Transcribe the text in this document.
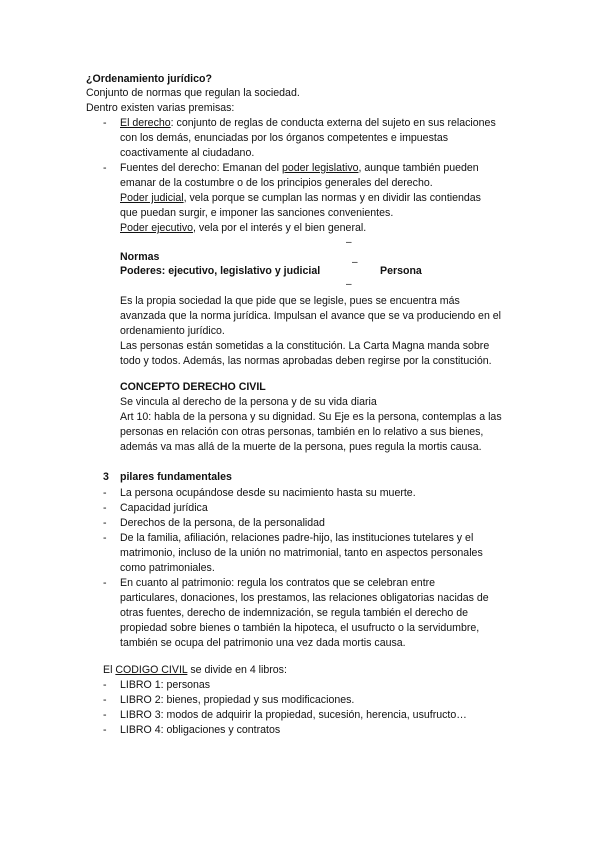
¿Ordenamiento jurídico?
Conjunto de normas que regulan la sociedad.
Dentro existen varias premisas:
- El derecho: conjunto de reglas de conducta externa del sujeto en sus relaciones
con los demás, enunciadas por los órganos competentes e impuestas
coactivamente al ciudadano.
- Fuentes del derecho: Emanan del poder legislativo, aunque también pueden
emanar de la costumbre o de los principios generales del derecho.
Poder judicial, vela porque se cumplan las normas y en dividir las contiendas
que puedan surgir, e imponer las sanciones convenientes.
Poder ejecutivo, vela por el interés y el bien general.
–
Normas	–
Poderes: ejecutivo, legislativo y judicial	Persona
–
Es la propia sociedad la que pide que se legisle, pues se encuentra más
avanzada que la norma jurídica. Impulsan el avance que se va produciendo en el
ordenamiento jurídico.
Las personas están sometidas a la constitución. La Carta Magna manda sobre
todo y todos. Además, las normas aprobadas deben regirse por la constitución.
CONCEPTO DERECHO CIVIL
Se vincula al derecho de la persona y de su vida diaria
Art 10: habla de la persona y su dignidad. Su Eje es la persona, contemplas a las
personas en relación con otras personas, también en lo relativo a sus bienes,
además va mas allá de la muerte de la persona, pues regula la mortis causa.
3 pilares fundamentales
- La persona ocupándose desde su nacimiento hasta su muerte.
- Capacidad jurídica
- Derechos de la persona, de la personalidad
- De la familia, afiliación, relaciones padre-hijo, las instituciones tutelares y el
matrimonio, incluso de la unión no matrimonial, tanto en aspectos personales
como patrimoniales.
- En cuanto al patrimonio: regula los contratos que se celebran entre
particulares, donaciones, los prestamos, las relaciones obligatorias nacidas de
otras fuentes, derecho de indemnización, se regula también el derecho de
propiedad sobre bienes o también la hipoteca, el usufructo o la servidumbre,
también se ocupa del patrimonio una vez dada mortis causa.
El CODIGO CIVIL se divide en 4 libros:
- LIBRO 1: personas
- LIBRO 2: bienes, propiedad y sus modificaciones.
- LIBRO 3: modos de adquirir la propiedad, sucesión, herencia, usufructo…
- LIBRO 4: obligaciones y contratos
